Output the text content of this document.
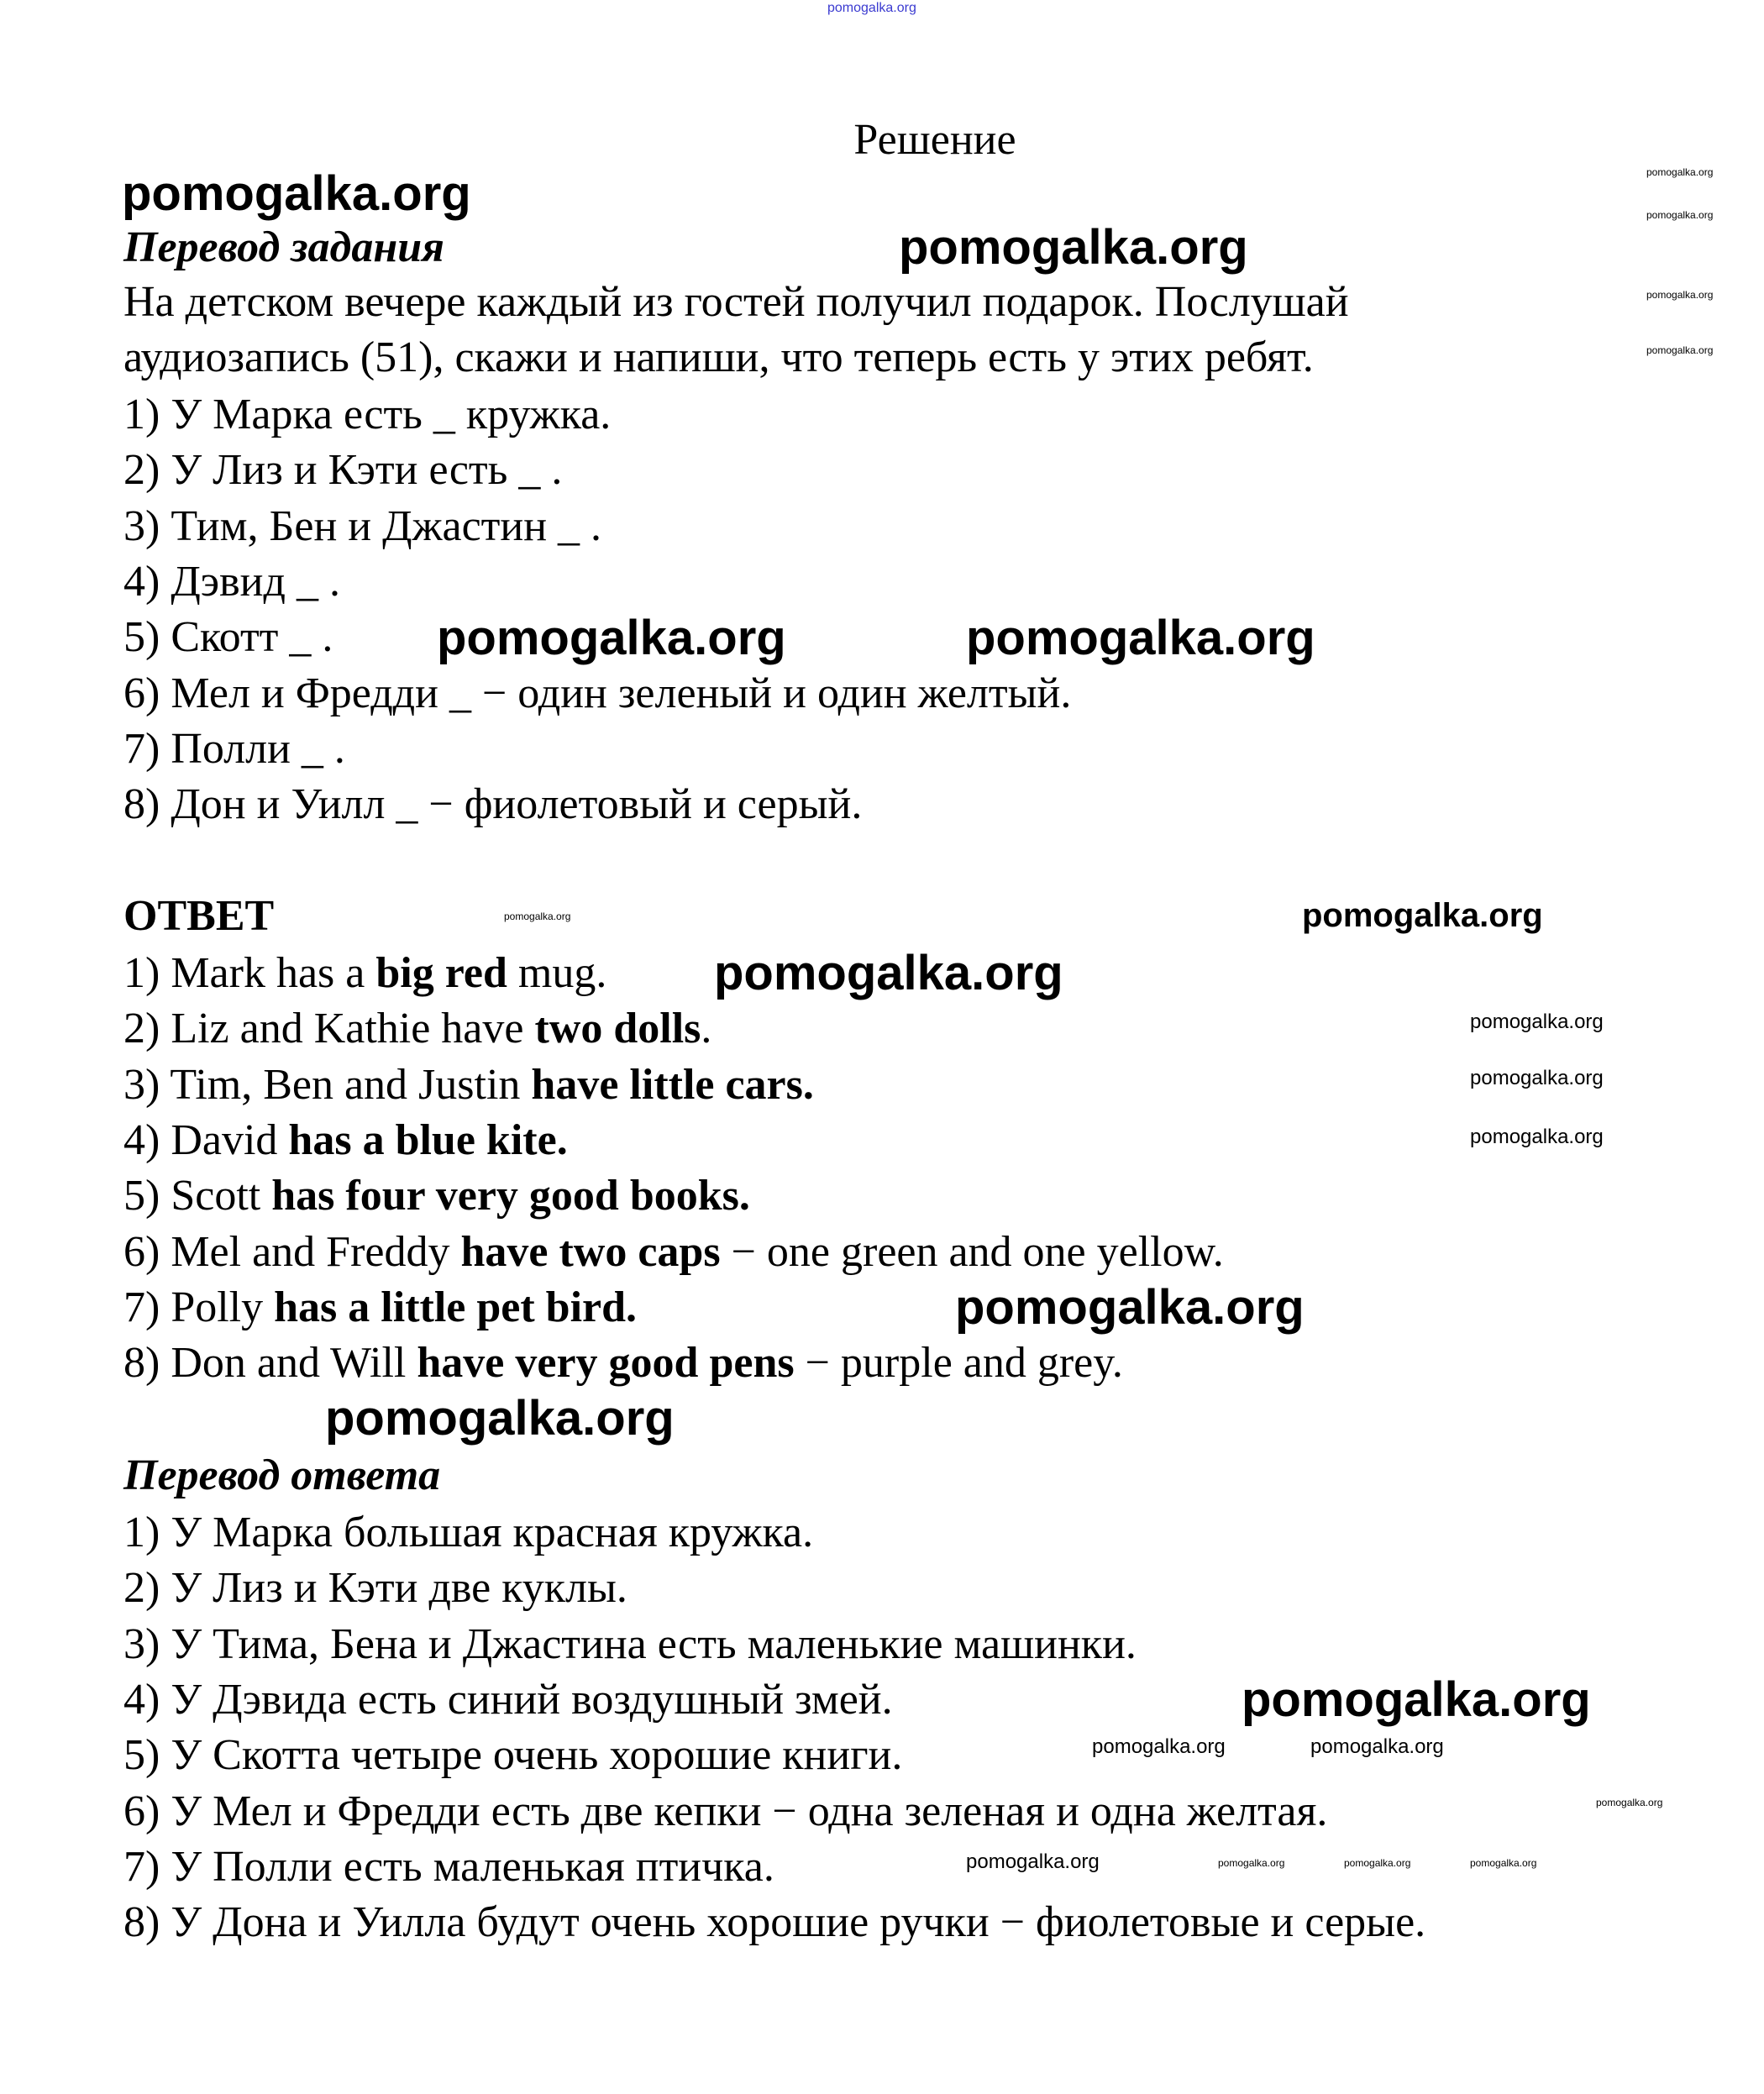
pomogalka.org
Решение
Перевод задания
На детском вечере каждый из гостей получил подарок. Послушай
аудиозапись (51), скажи и напиши, что теперь есть у этих ребят.
1) У Марка есть _ кружка.
2) У Лиз и Кэти есть _ .
3) Тим, Бен и Джастин _ .
4) Дэвид _ .
5) Скотт _ .
6) Мел и Фредди _ − один зеленый и один желтый.
7) Полли _ .
8) Дон и Уилл _ − фиолетовый и серый.
ОТВЕТ
1) Mark has a big red mug.
2) Liz and Kathie have two dolls.
3) Tim, Ben and Justin have little cars.
4) David has a blue kite.
5) Scott has four very good books.
6) Mel and Freddy have two caps − one green and one yellow.
7) Polly has a little pet bird.
8) Don and Will have very good pens − purple and grey.
Перевод ответа
1) У Марка большая красная кружка.
2) У Лиз и Кэти две куклы.
3) У Тима, Бена и Джастина есть маленькие машинки.
4) У Дэвида есть синий воздушный змей.
5) У Скотта четыре очень хорошие книги.
6) У Мел и Фредди есть две кепки − одна зеленая и одна желтая.
7) У Полли есть маленькая птичка.
8) У Дона и Уилла будут очень хорошие ручки − фиолетовые и серые.
pomogalka.org
pomogalka.org
pomogalka.org	pomogalka.org
pomogalka.org
pomogalka.org
pomogalka.org
pomogalka.org
pomogalka.org
pomogalka.org
pomogalka.org
pomogalka.org
pomogalka.org
pomogalka.org	pomogalka.org
pomogalka.org
pomogalka.org	pomogalka.org	pomogalka.org	pomogalka.org
pomogalka.org
pomogalka.org
pomogalka.org
pomogalka.org
